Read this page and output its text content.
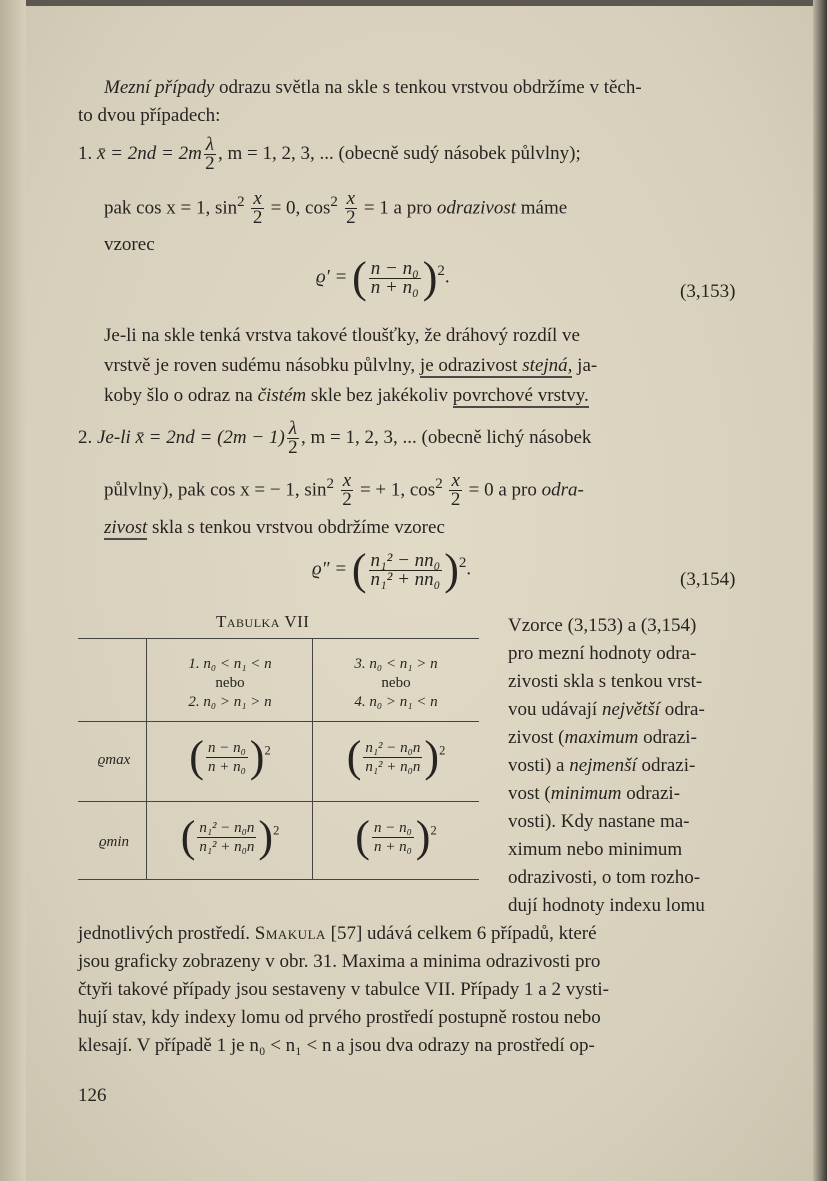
Mezní případy odrazu světla na skle s tenkou vrstvou obdržíme v těch-
to dvou případech:
1. x̄ = $2nd = 2m \frac{\lambda}{2}$ , m = 1, 2, 3, ... (obecně sudý násobek půlvlny);
pak cos x = 1, $\sin^2 \frac{x}{2} = 0$, $\cos^2 \frac{x}{2} = 1$ a pro odrazivost máme
vzorec
ϱ′ = ( $\frac{\text{n − n₀}}{\text{n + n₀}} )^2$.
(3,153)
Je-li na skle tenká vrstva takové tloušťky, že dráhový rozdíl ve
vrstvě je roven sudému násobku půlvlny, je odrazivost stejná, ja-
koby šlo o odraz na čistém skle bez jakékoliv povrchové vrstvy.
2. Je-li x̄ = $2nd = (2m - 1) \frac{\lambda}{2}$ , m = 1, 2, 3, ... (obecně lichý násobek
půlvlny), pak cos x = − 1, $\sin^2 \frac{x}{2}$ = + 1, $\cos^2 \frac{x}{2} = 0$ a pro odra-
zivost skla s tenkou vrstvou obdržíme vzorec
ϱ″ = ( $\frac{\text{n₁² − nn₀}}{\text{n₁² + nn₀}} )^2$.
(3,154)
Tabulka VII
1. n₀ < n₁ < n
nebo
2. n₀ > n₁ > n
3. n₀ < n₁ > n
nebo
4. n₀ > n₁ < n
ϱmax
ϱmin
( $\frac{\text{n − n₀}}{\text{n + n₀}} )^2$	( $\frac{\text{n₁² − n₀n}}{\text{n₁² + n₀n}} )^2$
( $\frac{\text{n₁² − n₀n}}{\text{n₁² + n₀n}} )^2$	( $\frac{\text{n − n₀}}{\text{n + n₀}} )^2$
Vzorce (3,153) a (3,154)
pro mezní hodnoty odra-
zivosti skla s tenkou vrst-
vou udávají největší odra-
zivost (maximum odrazi-
vosti) a nejmenší odrazi-
vost (minimum odrazi-
vosti). Kdy nastane ma-
ximum nebo minimum
odrazivosti, o tom rozho-
dují hodnoty indexu lomu
jednotlivých prostředí. Smakula [57] udává celkem 6 případů, které
jsou graficky zobrazeny v obr. 31. Maxima a minima odrazivosti pro
čtyři takové případy jsou sestaveny v tabulce VII. Případy 1 a 2 vysti-
hují stav, kdy indexy lomu od prvého prostředí postupně rostou nebo
klesají. V případě 1 je n₀ < n₁ < n a jsou dva odrazy na prostředí op-
126
